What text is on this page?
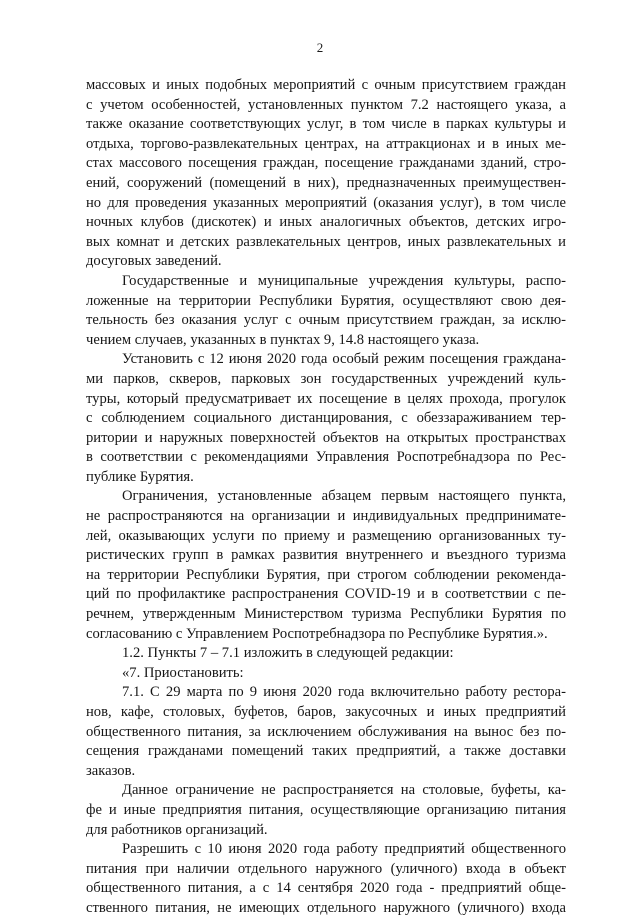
2
массовых и иных подобных мероприятий с очным присутствием граждан
с учетом особенностей, установленных пунктом 7.2 настоящего указа, а
также оказание соответствующих услуг, в том числе в парках культуры и
отдыха, торгово-развлекательных центрах, на аттракционах и в иных ме-
стах массового посещения граждан, посещение гражданами зданий, стро-
ений, сооружений (помещений в них), предназначенных преимуществен-
но для проведения указанных мероприятий (оказания услуг), в том числе
ночных клубов (дискотек) и иных аналогичных объектов, детских игро-
вых комнат и детских развлекательных центров, иных развлекательных и
досуговых заведений.
Государственные и муниципальные учреждения культуры, распо-
ложенные на территории Республики Бурятия, осуществляют свою дея-
тельность без оказания услуг с очным присутствием граждан, за исклю-
чением случаев, указанных в пунктах 9, 14.8 настоящего указа.
Установить с 12 июня 2020 года особый режим посещения граждана-
ми парков, скверов, парковых зон государственных учреждений куль-
туры, который предусматривает их посещение в целях прохода, прогулок
с соблюдением социального дистанцирования, с обеззараживанием тер-
ритории и наружных поверхностей объектов на открытых пространствах
в соответствии с рекомендациями Управления Роспотребнадзора по Рес-
публике Бурятия.
Ограничения, установленные абзацем первым настоящего пункта,
не распространяются на организации и индивидуальных предпринимате-
лей, оказывающих услуги по приему и размещению организованных ту-
ристических групп в рамках развития внутреннего и въездного туризма
на территории Республики Бурятия, при строгом соблюдении рекоменда-
ций по профилактике распространения COVID-19 и в соответствии с пе-
речнем, утвержденным Министерством туризма Республики Бурятия по
согласованию с Управлением Роспотребнадзора по Республике Бурятия.».
1.2. Пункты 7 – 7.1 изложить в следующей редакции:
«7. Приостановить:
7.1. С 29 марта по 9 июня 2020 года включительно работу рестора-
нов, кафе, столовых, буфетов, баров, закусочных и иных предприятий
общественного питания, за исключением обслуживания на вынос без по-
сещения гражданами помещений таких предприятий, а также доставки
заказов.
Данное ограничение не распространяется на столовые, буфеты, ка-
фе и иные предприятия питания, осуществляющие организацию питания
для работников организаций.
Разрешить с 10 июня 2020 года работу предприятий общественного
питания при наличии отдельного наружного (уличного) входа в объект
общественного питания, а с 14 сентября 2020 года - предприятий обще-
ственного питания, не имеющих отдельного наружного (уличного) входа
